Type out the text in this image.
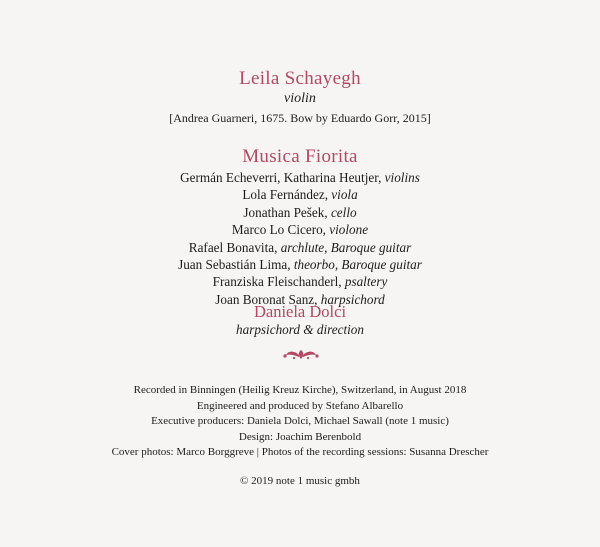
Leila Schayegh
violin
[Andrea Guarneri, 1675. Bow by Eduardo Gorr, 2015]
Musica Fiorita
Germán Echeverri, Katharina Heutjer, violins
Lola Fernández, viola
Jonathan Pešek, cello
Marco Lo Cicero, violone
Rafael Bonavita, archlute, Baroque guitar
Juan Sebastián Lima, theorbo, Baroque guitar
Franziska Fleischanderl, psaltery
Joan Boronat Sanz, harpsichord
Daniela Dolci
harpsichord & direction
Recorded in Binningen (Heilig Kreuz Kirche), Switzerland, in August 2018
Engineered and produced by Stefano Albarello
Executive producers: Daniela Dolci, Michael Sawall (note 1 music)
Design: Joachim Berenbold
Cover photos: Marco Borggreve | Photos of the recording sessions: Susanna Drescher
© 2019 note 1 music gmbh
